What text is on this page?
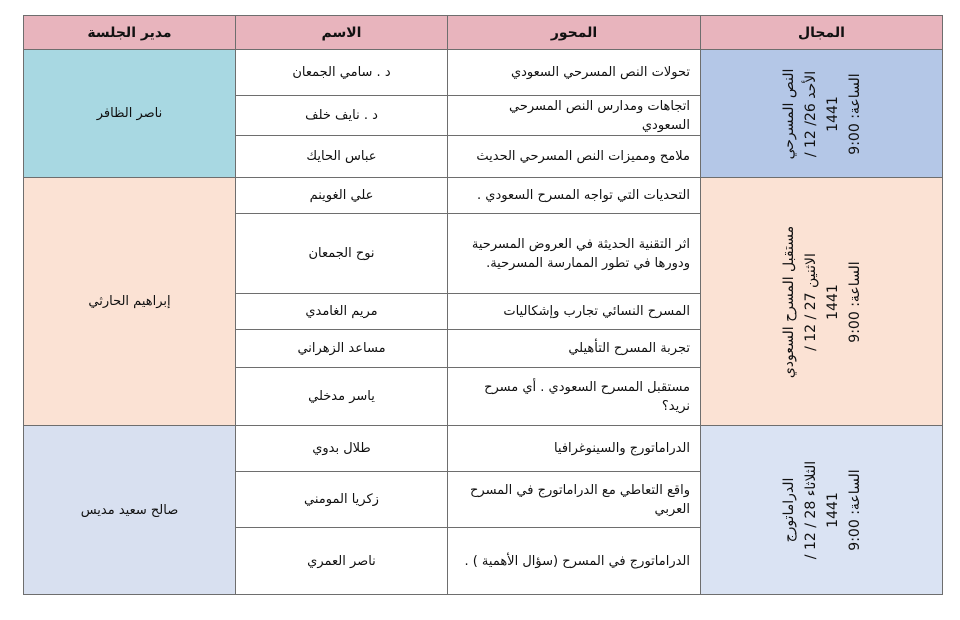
مدير الجلسة	الاسم	المحور	المجال
ناصر الظافر	د . سامي الجمعان	تحولات النص المسرحي السعودي	النص المسرحي الأحد 26/ 12 /
1441
الساعة: 9:00

	د . نايف خلف	اتجاهات ومدارس النص المسرحي السعودي	
	عباس الحايك	ملامح ومميزات النص المسرحي الحديث	
إبراهيم الحارثي	علي الغوينم	التحديات التي تواجه المسرح السعودي .	مستقبل المسرح السعودي الاثنين 27 / 12 /
1441
الساعة: 9:00

	نوح الجمعان	اثر التقنية الحديثة في العروض المسرحية ودورها في تطور الممارسة المسرحية.	
	مريم الغامدي	المسرح النسائي تجارب وإشكاليات	
	مساعد الزهراني	تجربة المسرح التأهيلي	
	ياسر مدخلي	مستقبل المسرح السعودي . أي مسرح نريد؟	
صالح سعيد مديس	طلال بدوي	الدراماتورج والسينوغرافيا	الدراماتورج
الثلاثاء 28 / 12 /
1441
الساعة: 9:00

	زكريا المومني	واقع التعاطي مع الدراماتورج في المسرح العربي	
	ناصر العمري	الدراماتورج في المسرح (سؤال الأهمية ) .	
